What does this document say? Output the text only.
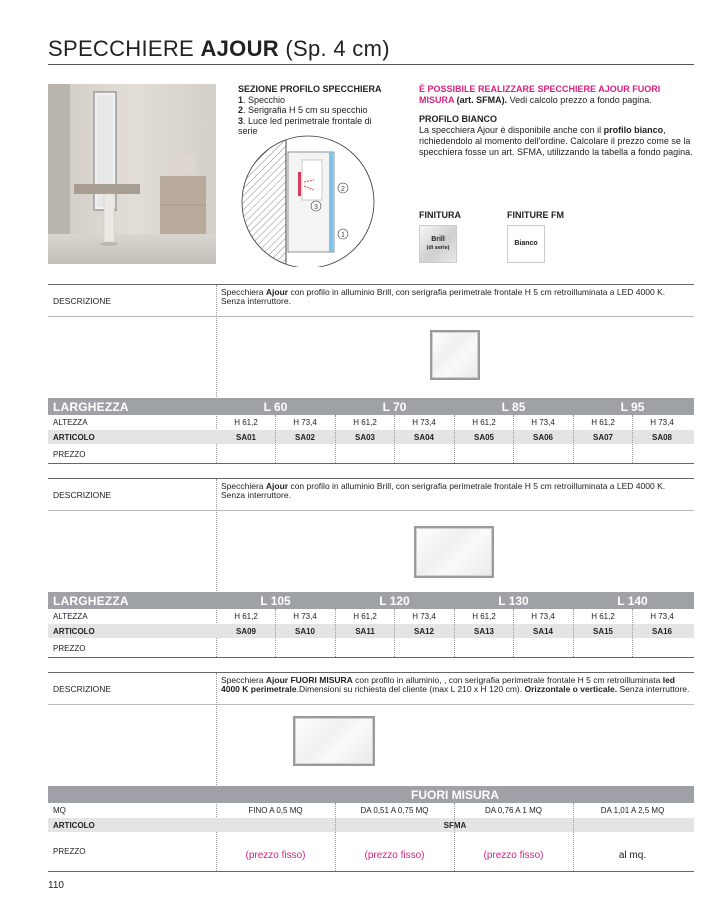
SPECCHIERE AJOUR (Sp. 4 cm)
SEZIONE PROFILO SPECCHIERA
1. Specchio
2. Serigrafia H 5 cm su specchio
3. Luce led perimetrale frontale di serie
2
3
1
È POSSIBILE REALIZZARE SPECCHIERE AJOUR FUORI MISURA (art. SFMA). Vedi calcolo prezzo a fondo pagina.
PROFILO BIANCO
La specchiera Ajour è disponibile anche con il profilo bianco, richiedendolo al momento dell'ordine. Calcolare il prezzo come se la specchiera fosse un art. SFMA, utilizzando la tabella a fondo pagina.
FINITURA	FINITURE FM
Brill
(di serie)
Bianco
DESCRIZIONE
Specchiera Ajour con profilo in alluminio Brill, con serigrafia perimetrale frontale H 5 cm retroilluminata a LED 4000 K. Senza interruttore.
LARGHEZZA	L 60	L 70	L 85	L 95
ALTEZZA	H 61,2	H 73,4	H 61,2	H 73,4	H 61,2	H 73,4	H 61,2	H 73,4
ARTICOLO	SA01	SA02	SA03	SA04	SA05	SA06	SA07	SA08
PREZZO
DESCRIZIONE
Specchiera Ajour con profilo in alluminio Brill, con serigrafia perimetrale frontale H 5 cm retroilluminata a LED 4000 K. Senza interruttore.
LARGHEZZA	L 105	L 120	L 130	L 140
ALTEZZA	H 61,2	H 73,4	H 61,2	H 73,4	H 61,2	H 73,4	H 61,2	H 73,4
ARTICOLO	SA09	SA10	SA11	SA12	SA13	SA14	SA15	SA16
PREZZO
DESCRIZIONE
Specchiera Ajour FUORI MISURA con profilo in alluminio, , con serigrafia perimetrale frontale H 5 cm retroilluminata led 4000 K perimetrale.Dimensioni su richiesta del cliente (max L 210 x H 120 cm). Orizzontale o verticale. Senza interruttore.
FUORI MISURA
MQ	FINO A 0,5 MQ	DA 0,51 A 0,75 MQ	DA 0,76 A 1 MQ	DA 1,01 A 2,5 MQ
ARTICOLO	SFMA
PREZZO	(prezzo fisso)	(prezzo fisso)	(prezzo fisso)	al mq.
110
